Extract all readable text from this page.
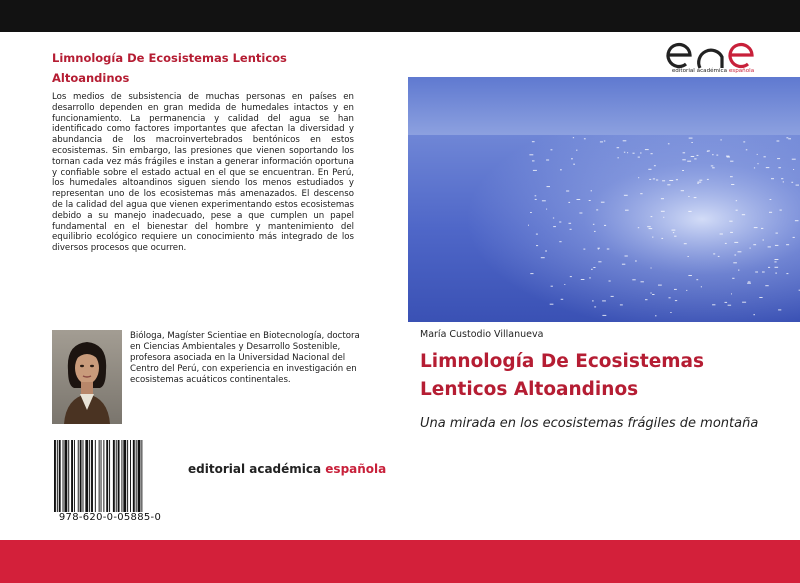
Limnología De Ecosistemas Lenticos
Altoandinos

Los medios de subsistencia de muchas personas en países en desarrollo dependen en gran medida de humedales intactos y en funcionamiento. La permanencia y calidad del agua se han identificado como factores importantes que afectan la diversidad y abundancia de los macroinvertebrados bentónicos en estos ecosistemas. Sin embargo, las presiones que vienen soportando los tornan cada vez más frágiles e instan a generar información oportuna y confiable sobre el estado actual en el que se encuentran. En Perú, los humedales altoandinos siguen siendo los menos estudiados y representan uno de los ecosistemas más amenazados. El descenso de la calidad del agua que vienen experimentando estos ecosistemas debido a su manejo inadecuado, pese a que cumplen un papel fundamental en el bienestar del hombre y mantenimiento del equilibrio ecológico requiere un conocimiento más integrado de los diversos procesos que ocurren.

Bióloga, Magíster Scientiae en Biotecnología, doctora en Ciencias Ambientales y Desarrollo Sostenible, profesora asociada en la Universidad Nacional del Centro del Perú, con experiencia en investigación en ecosistemas acuáticos continentales.

978-620-0-05885-0
editorial académica española
editorial académica española
María Custodio Villanueva
Limnología De Ecosistemas Lenticos Altoandinos
Una mirada en los ecosistemas frágiles de montaña
